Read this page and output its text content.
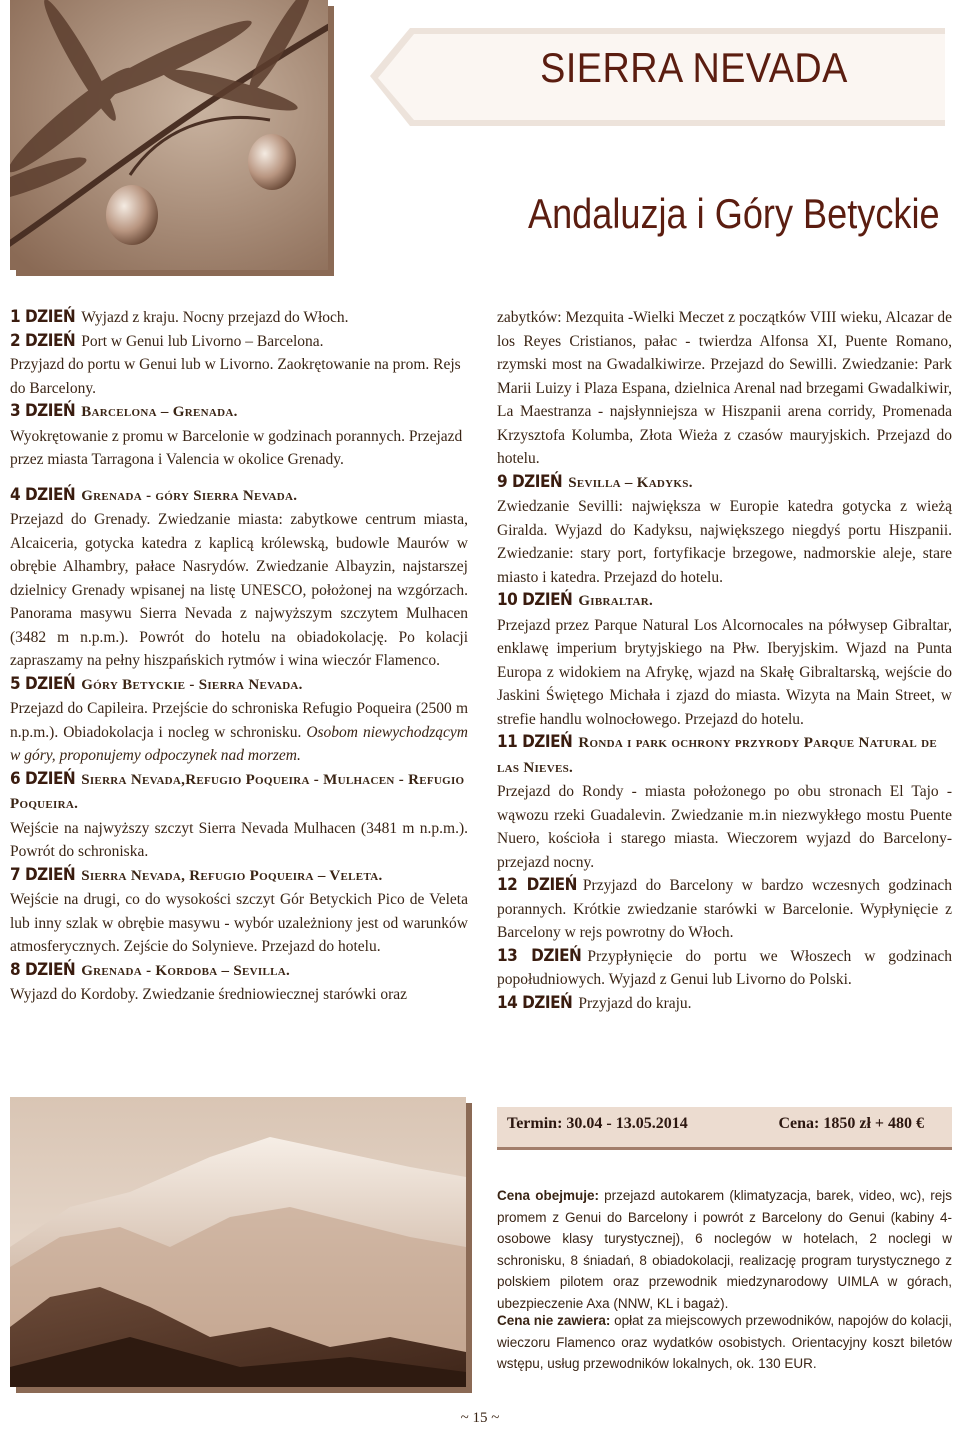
SIERRA NEVADA
Andaluzja i Góry Betyckie

1 DZIEŃ Wyjazd z kraju. Nocny przejazd do Włoch.

2 DZIEŃ Port w Genui lub Livorno – Barcelona.

Przyjazd do portu w Genui lub w Livorno. Zaokrętowanie na prom. Rejs do Barcelony.

3 DZIEŃ Barcelona – Grenada.

Wyokrętowanie z promu w Barcelonie w godzinach porannych. Przejazd przez miasta Tarragona i Valencia w okolice Grenady.

4 DZIEŃ Grenada - góry Sierra Nevada.

Przejazd do Grenady. Zwiedzanie miasta: zabytkowe centrum miasta, Alcaiceria, gotycka katedra z kaplicą królewską, budowle Maurów w obrębie Alhambry, pałace Nasrydów. Zwiedzanie Albayzin, najstarszej dzielnicy Grenady wpisanej na listę UNESCO, położonej na wzgórzach. Panorama masywu Sierra Nevada z najwyższym szczytem Mulhacen (3482 m n.p.m.). Powrót do hotelu na obiadokolację. Po kolacji zapraszamy na pełny hiszpańskich rytmów i wina wieczór Flamenco.

5 DZIEŃ Góry Betyckie - Sierra Nevada.

Przejazd do Capileira. Przejście do schroniska Refugio Poqueira (2500 m n.p.m.). Obiadokolacja i nocleg w schronisku. Osobom niewychodzącym w góry, proponujemy odpoczynek nad morzem.

6 DZIEŃ Sierra Nevada,Refugio Poqueira - Mulhacen - Refugio Poqueira.

Wejście na najwyższy szczyt Sierra Nevada Mulhacen (3481 m n.p.m.). Powrót do schroniska.

7 DZIEŃ Sierra Nevada, Refugio Poqueira – Veleta.

Wejście na drugi, co do wysokości szczyt Gór Betyckich Pico de Veleta lub inny szlak w obrębie masywu - wybór uzależniony jest od warunków atmosferycznych. Zejście do Solynieve. Przejazd do hotelu.

8 DZIEŃ Grenada - Kordoba – Sevilla.

Wyjazd do Kordoby. Zwiedzanie średniowiecznej starówki oraz

zabytków: Mezquita -Wielki Meczet z początków VIII wieku, Alcazar de los Reyes Cristianos, pałac - twierdza Alfonsa XI, Puente Romano, rzymski most na Gwadalkiwirze. Przejazd do Sewilli. Zwiedzanie: Park Marii Luizy i Plaza Espana, dzielnica Arenal nad brzegami Gwadalkiwir, La Maestranza - najsłynniejsza w Hiszpanii arena corridy, Promenada Krzysztofa Kolumba, Złota Wieża z czasów mauryjskich. Przejazd do hotelu.

9 DZIEŃ Sevilla – Kadyks.

Zwiedzanie Sevilli: największa w Europie katedra gotycka z wieżą Giralda. Wyjazd do Kadyksu, największego niegdyś portu Hiszpanii. Zwiedzanie: stary port, fortyfikacje brzegowe, nadmorskie aleje, stare miasto i katedra. Przejazd do hotelu.

10 DZIEŃ Gibraltar.

Przejazd przez Parque Natural Los Alcornocales na półwysep Gibraltar, enklawę imperium brytyjskiego na Płw. Iberyjskim. Wjazd na Punta Europa z widokiem na Afrykę, wjazd na Skałę Gibraltarską, wejście do Jaskini Świętego Michała i zjazd do miasta. Wizyta na Main Street, w strefie handlu wolnocłowego. Przejazd do hotelu.

11 DZIEŃ Ronda i park ochrony przyrody Parque Natural de las Nieves.

Przejazd do Rondy - miasta położonego po obu stronach El Tajo - wąwozu rzeki Guadalevin. Zwiedzanie m.in niezwykłego mostu Puente Nuero, kościoła i starego miasta. Wieczorem wyjazd do Barcelony- przejazd nocny.

12 DZIEŃ Przyjazd do Barcelony w bardzo wczesnych godzinach porannych. Krótkie zwiedzanie starówki w Barcelonie. Wypłynięcie z Barcelony w rejs powrotny do Włoch.

13 DZIEŃ Przypłynięcie do portu we Włoszech w godzinach popołudniowych. Wyjazd z Genui lub Livorno do Polski.

14 DZIEŃ Przyjazd do kraju.

Termin: 30.04 - 13.05.2014	Cena: 1850 zł + 480 €
Cena obejmuje: przejazd autokarem (klimatyzacja, barek, video, wc), rejs promem z Genui do Barcelony i powrót z Barcelony do Genui (kabiny 4-osobowe klasy turystycznej), 6 noclegów w hotelach, 2 noclegi w schronisku, 8 śniadań, 8 obiadokolacji, realizację program turystycznego z polskiem pilotem oraz przewodnik miedzynarodowy UIMLA w górach, ubezpieczenie Axa (NNW, KL i bagaż).
Cena nie zawiera: opłat za miejscowych przewodników, napojów do kolacji, wieczoru Flamenco oraz wydatków osobistych. Orientacyjny koszt biletów wstępu, usług przewodników lokalnych, ok. 130 EUR.
~ 15 ~
